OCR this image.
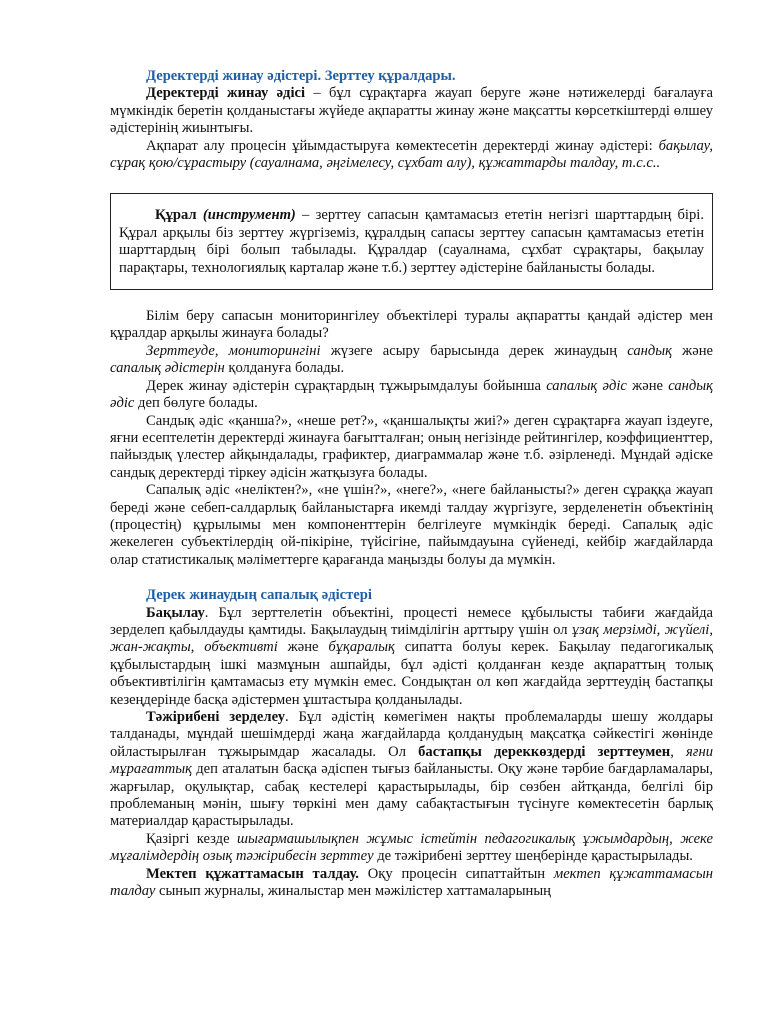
Деректерді жинау әдістері. Зерттеу құралдары.

Деректерді жинау әдісі – бұл сұрақтарға жауап беруге және нәтижелерді бағалауға мүмкіндік беретін қолданыстағы жүйеде ақпаратты жинау және мақсатты көрсеткіштерді өлшеу әдістерінің жиынтығы.

Ақпарат алу процесін ұйымдастыруға көмектесетін деректерді жинау әдістері: бақылау, сұрақ қою/сұрастыру (сауалнама, әңгімелесу, сұхбат алу), құжаттарды талдау, т.с.с..

Құрал (инструмент) – зерттеу сапасын қамтамасыз ететін негізгі шарттардың бірі. Құрал арқылы біз зерттеу жүргіземіз, құралдың сапасы зерттеу сапасын қамтамасыз ететін шарттардың бірі болып табылады. Құралдар (сауалнама, сұхбат сұрақтары, бақылау парақтары, технологиялық карталар және т.б.) зерттеу әдістеріне байланысты болады.

Білім беру сапасын мониторингілеу объектілері туралы ақпаратты қандай әдістер мен құралдар арқылы жинауға болады?

Зерттеуде, мониторингіні жүзеге асыру барысында дерек жинаудың сандық және сапалық әдістерін қолдануға болады.

Дерек жинау әдістерін сұрақтардың тұжырымдалуы бойынша сапалық әдіс және сандық әдіс деп бөлуге болады.

Сандық әдіс «қанша?», «неше рет?», «қаншалықты жиі?» деген сұрақтарға жауап іздеуге, яғни есептелетін деректерді жинауға бағытталған; оның негізінде рейтингілер, коэффициенттер, пайыздық үлестер айқындалады, графиктер, диаграммалар және т.б. әзірленеді. Мұндай әдіске сандық деректерді тіркеу әдісін жатқызуға болады.

Сапалық әдіс «неліктен?», «не үшін?», «неге?», «неге байланысты?» деген сұраққа жауап береді және себеп-салдарлық байланыстарға икемді талдау жүргізуге, зерделенетін объектінің (процестің) құрылымы мен компоненттерін белгілеуге мүмкіндік береді. Сапалық әдіс жекелеген субъектілердің ой-пікіріне, түйсігіне, пайымдауына сүйенеді, кейбір жағдайларда олар статистикалық мәліметтерге қарағанда маңызды болуы да мүмкін.

Дерек жинаудың сапалық әдістері

Бақылау. Бұл зерттелетін объектіні, процесті немесе құбылысты табиғи жағдайда зерделеп қабылдауды қамтиды. Бақылаудың тиімділігін арттыру үшін ол ұзақ мерзімді, жүйелі, жан-жақты, объективті және бұқаралық сипатта болуы керек. Бақылау педагогикалық құбылыстардың ішкі мазмұнын ашпайды, бұл әдісті қолданған кезде ақпараттың толық объективтілігін қамтамасыз ету мүмкін емес. Сондықтан ол көп жағдайда зерттеудің бастапқы кезеңдерінде басқа әдістермен ұштастыра қолданылады.

Тәжірибені зерделеу. Бұл әдістің көмегімен нақты проблемаларды шешу жолдары талданады, мұндай шешімдерді жаңа жағдайларда қолданудың мақсатқа сәйкестігі жөнінде ойластырылған тұжырымдар жасалады. Ол бастапқы дереккөздерді зерттеумен, яғни мұрағаттық деп аталатын басқа әдіспен тығыз байланысты. Оқу және тәрбие бағдарламалары, жарғылар, оқулықтар, сабақ кестелері қарастырылады, бір сөзбен айтқанда, белгілі бір проблеманың мәнін, шығу төркіні мен даму сабақтастығын түсінуге көмектесетін барлық материалдар қарастырылады.

Қазіргі кезде шығармашылықпен жұмыс істейтін педагогикалық ұжымдардың, жеке мұғалімдердің озық тәжірибесін зерттеу де тәжірибені зерттеу шеңберінде қарастырылады.

Мектеп құжаттамасын талдау. Оқу процесін сипаттайтын мектеп құжаттамасын талдау сынып журналы, жиналыстар мен мәжілістер хаттамаларының
